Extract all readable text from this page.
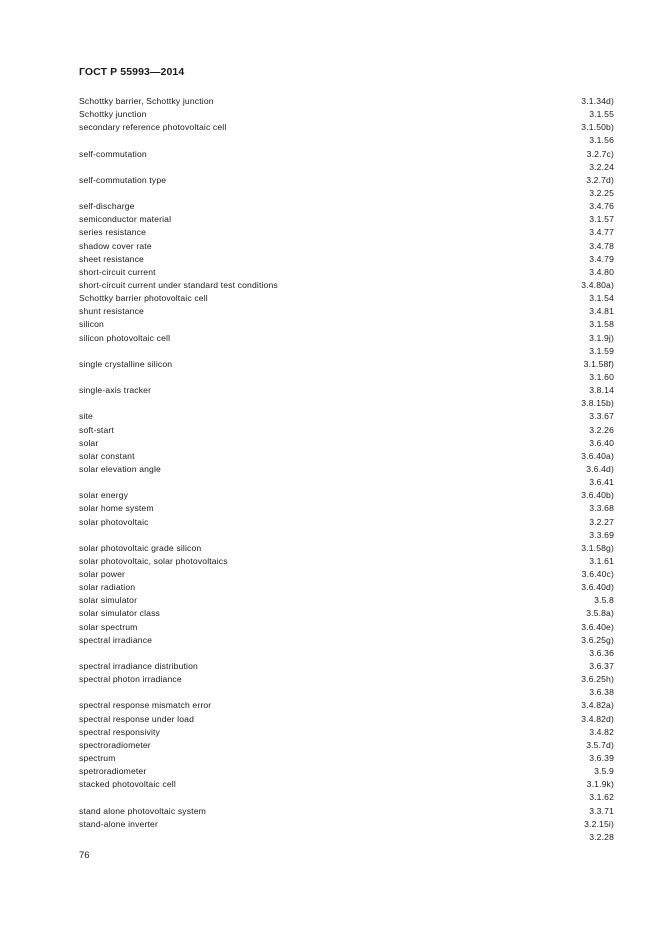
ГОСТ Р 55993—2014
Schottky barrier, Schottky junction	3.1.34d)
Schottky junction	3.1.55
secondary reference photovoltaic cell	3.1.50b)
3.1.56
self-commutation	3.2.7c)
3.2.24
self-commutation type	3.2.7d)
3.2.25
self-discharge	3.4.76
semiconductor material	3.1.57
series resistance	3.4.77
shadow cover rate	3.4.78
sheet resistance	3.4.79
short-circuit current	3.4.80
short-circuit current under standard test conditions	3.4.80a)
Schottky barrier photovoltaic cell	3.1.54
shunt resistance	3.4.81
silicon	3.1.58
silicon photovoltaic cell	3.1.9j)
3.1.59
single crystalline silicon	3.1.58f)
3.1.60
single-axis tracker	3.8.14
3.8.15b)
site	3.3.67
soft-start	3.2.26
solar	3.6.40
solar constant	3.6.40a)
solar elevation angle	3.6.4d)
3.6.41
solar energy	3.6.40b)
solar home system	3.3.68
solar photovoltaic	3.2.27
3.3.69
solar photovoltaic grade silicon	3.1.58g)
solar photovoltaic, solar photovoltaics	3.1.61
solar power	3.6.40c)
solar radiation	3.6.40d)
solar simulator	3.5.8
solar simulator class	3.5.8a)
solar spectrum	3.6.40e)
spectral irradiance	3.6.25g)
3.6.36
spectral irradiance distribution	3.6.37
spectral photon irradiance	3.6.25h)
3.6.38
spectral response mismatch error	3.4.82a)
spectral response under load	3.4.82d)
spectral responsivity	3.4.82
spectroradiometer	3.5.7d)
spectrum	3.6.39
spetroradiometer	3.5.9
stacked photovoltaic cell	3.1.9k)
3.1.62
stand alone photovoltaic system	3.3.71
stand-alone inverter	3.2.15i)
3.2.28
76
